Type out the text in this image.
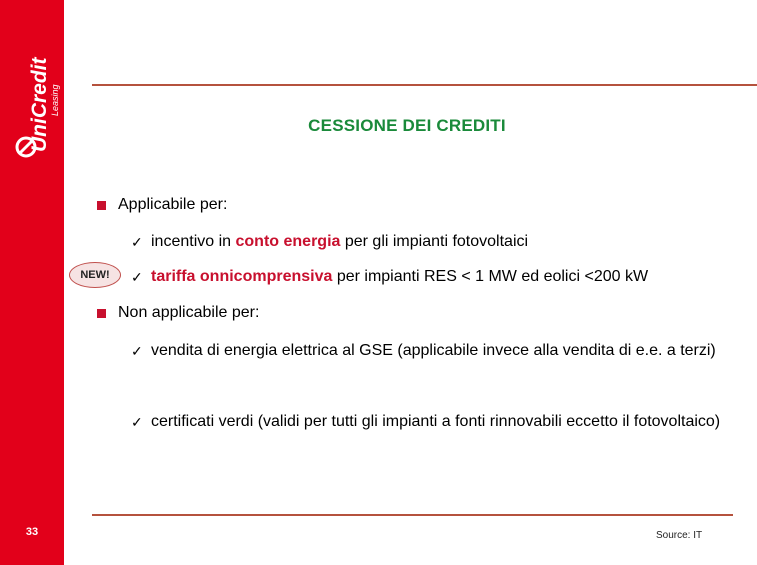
UniCredit Leasing
33
CESSIONE DEI CREDITI
Applicabile per:
✓ incentivo in conto energia per gli impianti fotovoltaici
NEW!	✓ tariffa onnicomprensiva per impianti RES < 1 MW ed eolici <200 kW
Non applicabile per:
✓ vendita di energia elettrica al GSE (applicabile invece alla vendita di e.e. a terzi)
✓ certificati verdi (validi per tutti gli impianti a fonti rinnovabili eccetto il fotovoltaico)
Source: IT
